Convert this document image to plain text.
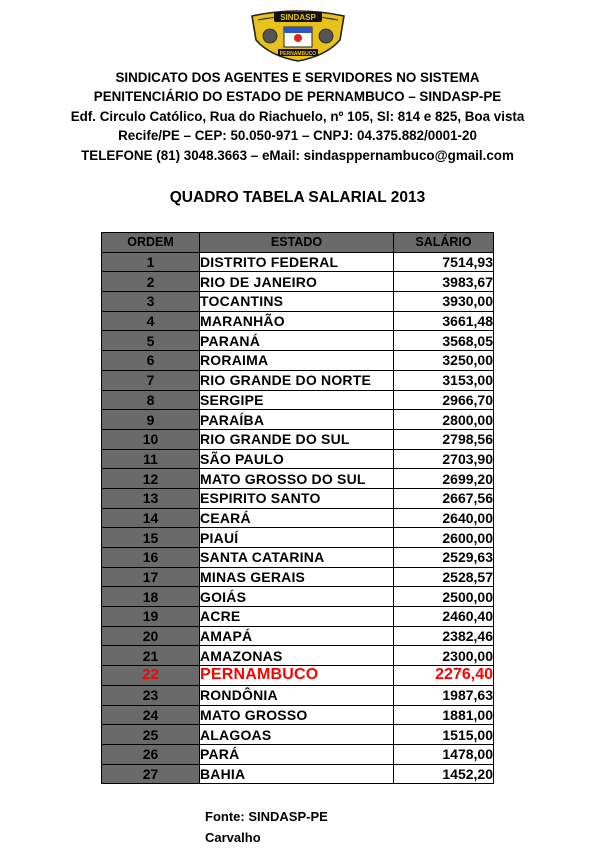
SINDASP
PERNAMBUCO
SINDICATO DOS AGENTES E SERVIDORES NO SISTEMA
PENITENCIÁRIO DO ESTADO DE PERNAMBUCO – SINDASP-PE
Edf. Circulo Católico, Rua do Riachuelo, nº 105, Sl: 814 e 825, Boa vista
Recife/PE – CEP: 50.050-971 – CNPJ: 04.375.882/0001-20
TELEFONE (81) 3048.3663 – eMail: sindasppernambuco@gmail.com
QUADRO TABELA SALARIAL 2013
ORDEM	ESTADO	SALÁRIO
1	DISTRITO FEDERAL	7514,93
2	RIO DE JANEIRO	3983,67
3	TOCANTINS	3930,00
4	MARANHÃO	3661,48
5	PARANÁ	3568,05
6	RORAIMA	3250,00
7	RIO GRANDE DO NORTE	3153,00
8	SERGIPE	2966,70
9	PARAÍBA	2800,00
10	RIO GRANDE DO SUL	2798,56
11	SÃO PAULO	2703,90
12	MATO GROSSO DO SUL	2699,20
13	ESPIRITO SANTO	2667,56
14	CEARÁ	2640,00
15	PIAUÍ	2600,00
16	SANTA CATARINA	2529,63
17	MINAS GERAIS	2528,57
18	GOIÁS	2500,00
19	ACRE	2460,40
20	AMAPÁ	2382,46
21	AMAZONAS	2300,00
22	PERNAMBUCO	2276,40
23	RONDÔNIA	1987,63
24	MATO GROSSO	1881,00
25	ALAGOAS	1515,00
26	PARÁ	1478,00
27	BAHIA	1452,20
Fonte: SINDASP-PE
Carvalho
